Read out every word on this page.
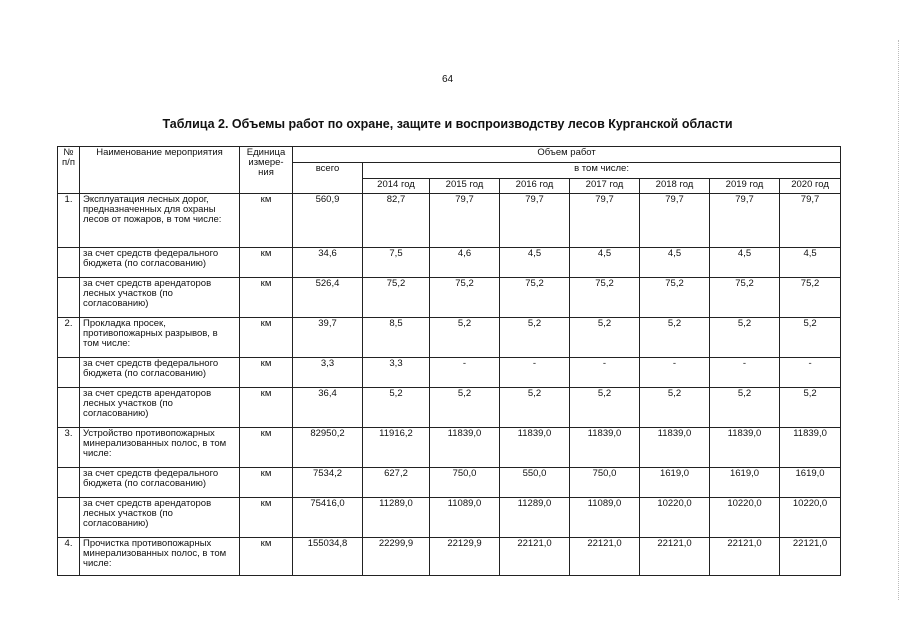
64
Таблица 2. Объемы работ по охране, защите и воспроизводству лесов Курганской области
№ п/п	Наименование мероприятия	Единица измере-ния	Объем работ							
			всего	в том числе:						
				2014 год	2015 год	2016 год	2017 год	2018 год	2019 год	2020 год
1.	Эксплуатация лесных дорог, предназначенных для охраны лесов от пожаров, в том числе:	км	560,9	82,7	79,7	79,7	79,7	79,7	79,7	79,7
	за счет средств федерального бюджета (по согласованию)	км	34,6	7,5	4,6	4,5	4,5	4,5	4,5	4,5
	за счет средств арендаторов лесных участков (по согласованию)	км	526,4	75,2	75,2	75,2	75,2	75,2	75,2	75,2
2.	Прокладка просек, противопожарных разрывов, в том числе:	км	39,7	8,5	5,2	5,2	5,2	5,2	5,2	5,2
	за счет средств федерального бюджета (по согласованию)	км	3,3	3,3	-	-	-	-	-	-
	за счет средств арендаторов лесных участков (по согласованию)	км	36,4	5,2	5,2	5,2	5,2	5,2	5,2	5,2
3.	Устройство противопожарных минерализованных полос, в том числе:	км	82950,2	11916,2	11839,0	11839,0	11839,0	11839,0	11839,0	11839,0
	за счет средств федерального бюджета (по согласованию)	км	7534,2	627,2	750,0	550,0	750,0	1619,0	1619,0	1619,0
	за счет средств арендаторов лесных участков (по согласованию)	км	75416,0	11289,0	11089,0	11289,0	11089,0	10220,0	10220,0	10220,0
4.	Прочистка противопожарных минерализованных полос, в том числе:	км	155034,8	22299,9	22129,9	22121,0	22121,0	22121,0	22121,0	22121,0
